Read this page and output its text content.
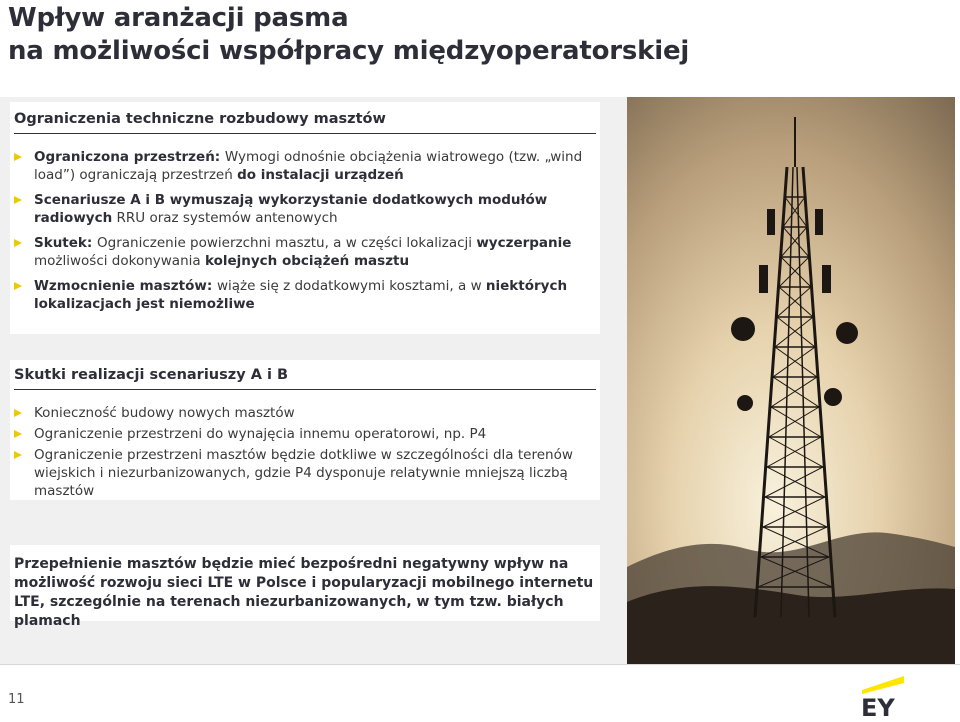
Wpływ aranżacji pasma
na możliwości współpracy międzyoperatorskiej
Ograniczenia techniczne rozbudowy masztów
Ograniczona przestrzeń: Wymogi odnośnie obciążenia wiatrowego (tzw. „wind load”) ograniczają przestrzeń do instalacji urządzeń
Scenariusze A i B wymuszają wykorzystanie dodatkowych modułów radiowych RRU oraz systemów antenowych
Skutek: Ograniczenie powierzchni masztu, a w części lokalizacji wyczerpanie możliwości dokonywania kolejnych obciążeń masztu
Wzmocnienie masztów: wiąże się z dodatkowymi kosztami, a w niektórych lokalizacjach jest niemożliwe
Skutki realizacji scenariuszy A i B
Konieczność budowy nowych masztów
Ograniczenie przestrzeni do wynajęcia innemu operatorowi, np. P4
Ograniczenie przestrzeni masztów będzie dotkliwe w szczególności dla terenów wiejskich i niezurbanizowanych, gdzie P4 dysponuje relatywnie mniejszą liczbą masztów
Przepełnienie masztów będzie mieć bezpośredni negatywny wpływ na możliwość rozwoju sieci LTE w Polsce i popularyzacji mobilnego internetu LTE, szczególnie na terenach niezurbanizowanych, w tym tzw. białych plamach
11	EY
